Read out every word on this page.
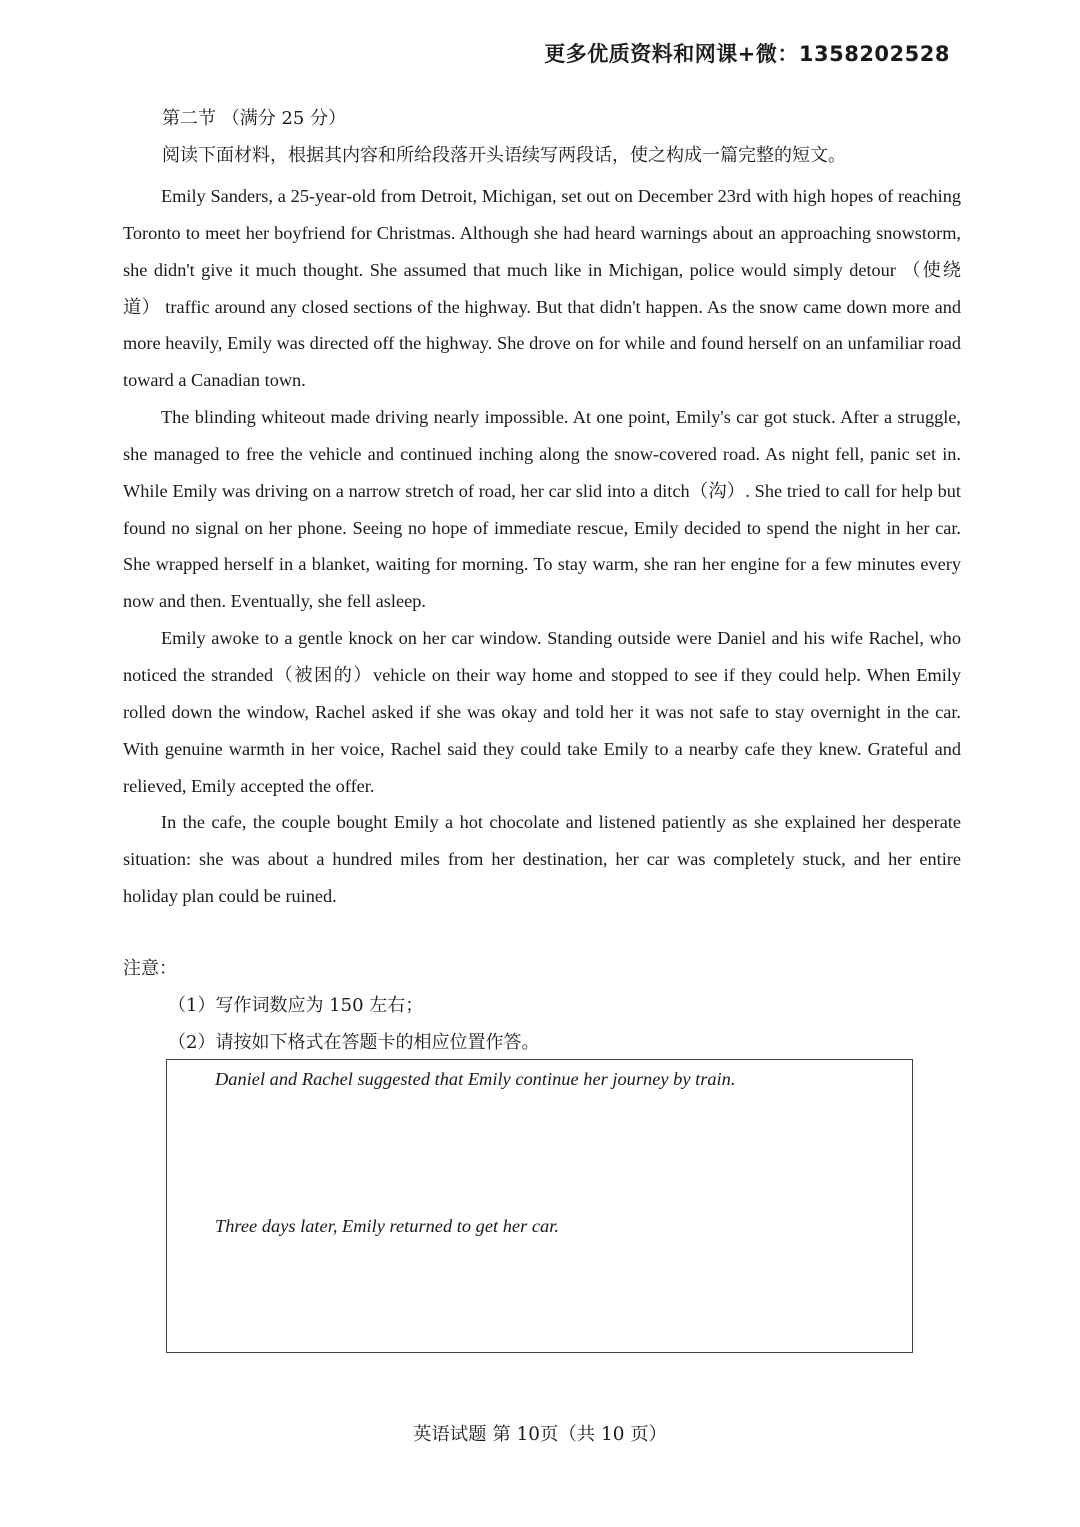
更多优质资料和网课+微：1358202528
第二节 （满分 25 分）
阅读下面材料，根据其内容和所给段落开头语续写两段话，使之构成一篇完整的短文。

Emily Sanders, a 25-year-old from Detroit, Michigan, set out on December 23rd with high hopes of reaching Toronto to meet her boyfriend for Christmas. Although she had heard warnings about an approaching snowstorm, she didn't give it much thought. She assumed that much like in Michigan, police would simply detour （使绕道） traffic around any closed sections of the highway. But that didn't happen. As the snow came down more and more heavily, Emily was directed off the highway. She drove on for while and found herself on an unfamiliar road toward a Canadian town.

The blinding whiteout made driving nearly impossible. At one point, Emily's car got stuck. After a struggle, she managed to free the vehicle and continued inching along the snow-covered road. As night fell, panic set in. While Emily was driving on a narrow stretch of road, her car slid into a ditch（沟）. She tried to call for help but found no signal on her phone. Seeing no hope of immediate rescue, Emily decided to spend the night in her car. She wrapped herself in a blanket, waiting for morning. To stay warm, she ran her engine for a few minutes every now and then. Eventually, she fell asleep.

Emily awoke to a gentle knock on her car window. Standing outside were Daniel and his wife Rachel, who noticed the stranded（被困的）vehicle on their way home and stopped to see if they could help. When Emily rolled down the window, Rachel asked if she was okay and told her it was not safe to stay overnight in the car. With genuine warmth in her voice, Rachel said they could take Emily to a nearby cafe they knew. Grateful and relieved, Emily accepted the offer.

In the cafe, the couple bought Emily a hot chocolate and listened patiently as she explained her desperate situation: she was about a hundred miles from her destination, her car was completely stuck, and her entire holiday plan could be ruined.

注意：
（1）写作词数应为 150 左右；
（2）请按如下格式在答题卡的相应位置作答。
Daniel and Rachel suggested that Emily continue her journey by train.
Three days later, Emily returned to get her car.
英语试题 第 10页（共 10 页）
